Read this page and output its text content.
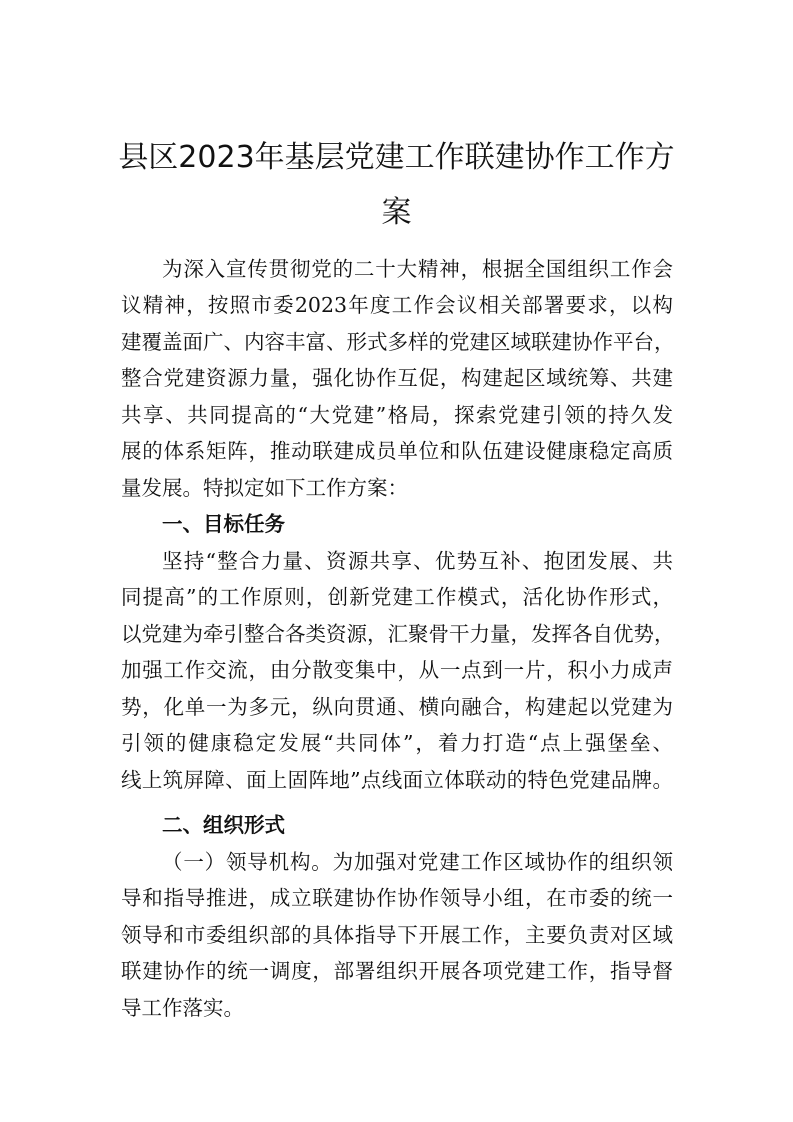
县区2023年基层党建工作联建协作工作方
案
为深入宣传贯彻党的二十大精神，根据全国组织工作会
议精神，按照市委2023年度工作会议相关部署要求，以构
建覆盖面广、内容丰富、形式多样的党建区域联建协作平台，
整合党建资源力量，强化协作互促，构建起区域统筹、共建
共享、共同提高的“大党建”格局，探索党建引领的持久发
展的体系矩阵，推动联建成员单位和队伍建设健康稳定高质
量发展。特拟定如下工作方案：
一、目标任务
坚持“整合力量、资源共享、优势互补、抱团发展、共
同提高”的工作原则，创新党建工作模式，活化协作形式，
以党建为牵引整合各类资源，汇聚骨干力量，发挥各自优势，
加强工作交流，由分散变集中，从一点到一片，积小力成声
势，化单一为多元，纵向贯通、横向融合，构建起以党建为
引领的健康稳定发展“共同体”，着力打造“点上强堡垒、
线上筑屏障、面上固阵地”点线面立体联动的特色党建品牌。
二、组织形式
（一）领导机构。为加强对党建工作区域协作的组织领
导和指导推进，成立联建协作协作领导小组，在市委的统一
领导和市委组织部的具体指导下开展工作，主要负责对区域
联建协作的统一调度，部署组织开展各项党建工作，指导督
导工作落实。
